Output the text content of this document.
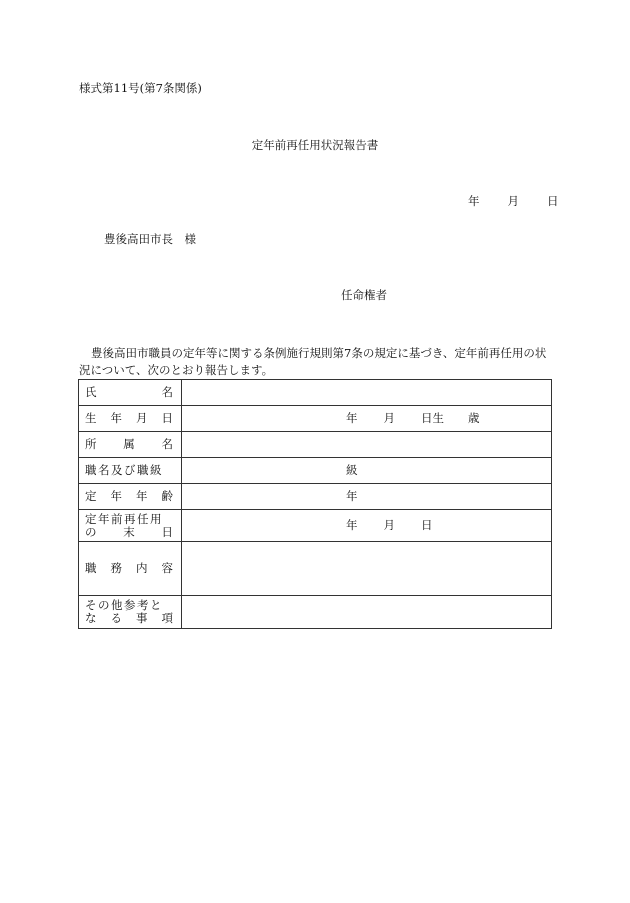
様式第11号(第7条関係)
定年前再任用状況報告書
年 月 日
豊後高田市長　様
任命権者
豊後高田市職員の定年等に関する条例施行規則第7条の規定に基づき、定年前再任用の状況について、次のとおり報告します。
氏 名	

生 年 月 日	年 月 日生 歳

所 属 名	

職名及び職級	級

定 年 年 齢	年

定年前再任用
の 末 日	年 月 日

職 務 内 容	

その他参考と
な る 事 項	
